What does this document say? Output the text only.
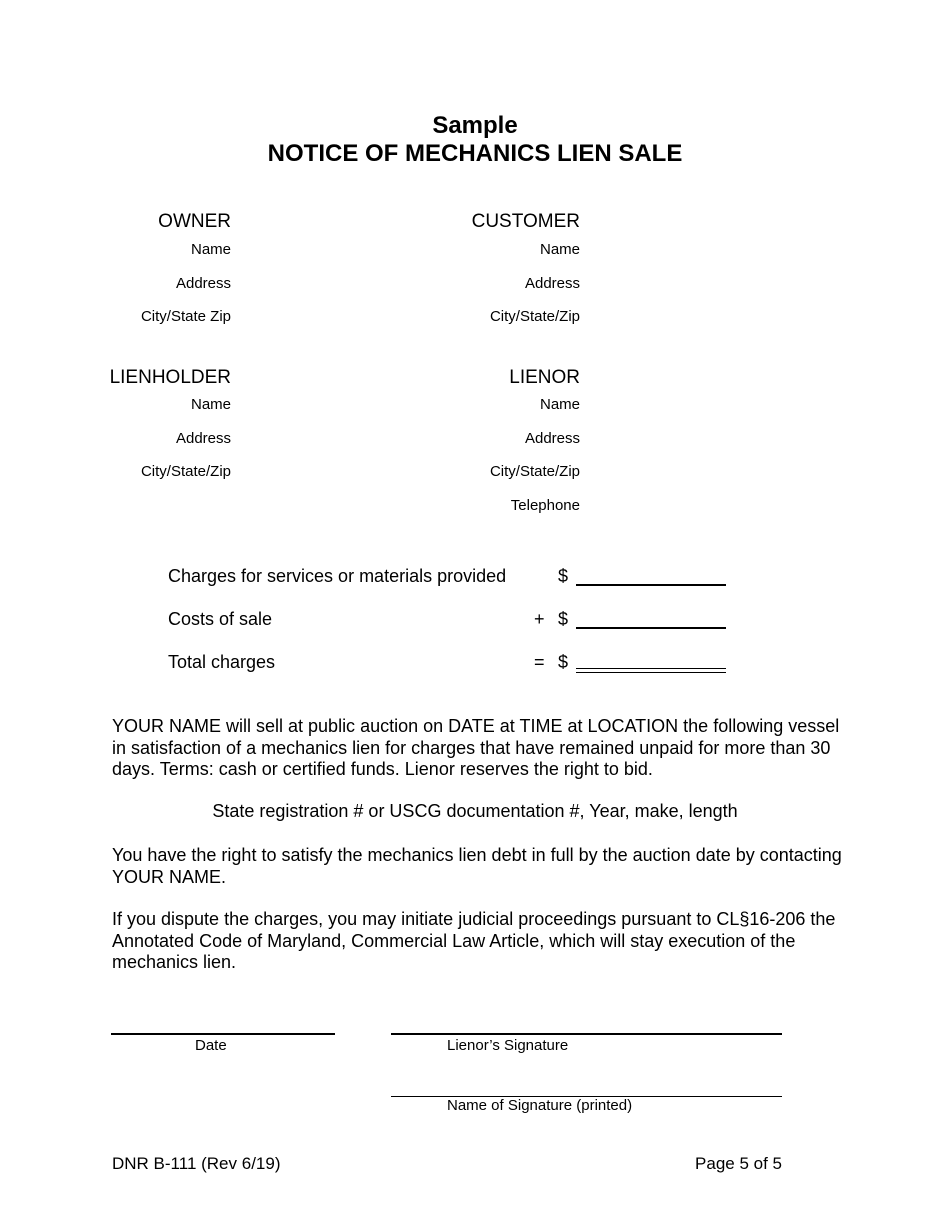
Sample
NOTICE OF MECHANICS LIEN SALE
OWNER
Name
Address
City/State Zip
CUSTOMER
Name
Address
City/State/Zip
LIENHOLDER
Name
Address
City/State/Zip
LIENOR
Name
Address
City/State/Zip
Telephone
Charges for services or materials provided	$
Costs of sale	+ $
Total charges	= $
YOUR NAME will sell at public auction on DATE at TIME at LOCATION the following vessel in satisfaction of a mechanics lien for charges that have remained unpaid for more than 30 days. Terms: cash or certified funds. Lienor reserves the right to bid.
State registration # or USCG documentation #, Year, make, length
You have the right to satisfy the mechanics lien debt in full by the auction date by contacting YOUR NAME.
If you dispute the charges, you may initiate judicial proceedings pursuant to CL§16-206 the Annotated Code of Maryland, Commercial Law Article, which will stay execution of the mechanics lien.
Date	Lienor’s Signature
Name of Signature (printed)
DNR B-111 (Rev 6/19)	Page 5 of 5
